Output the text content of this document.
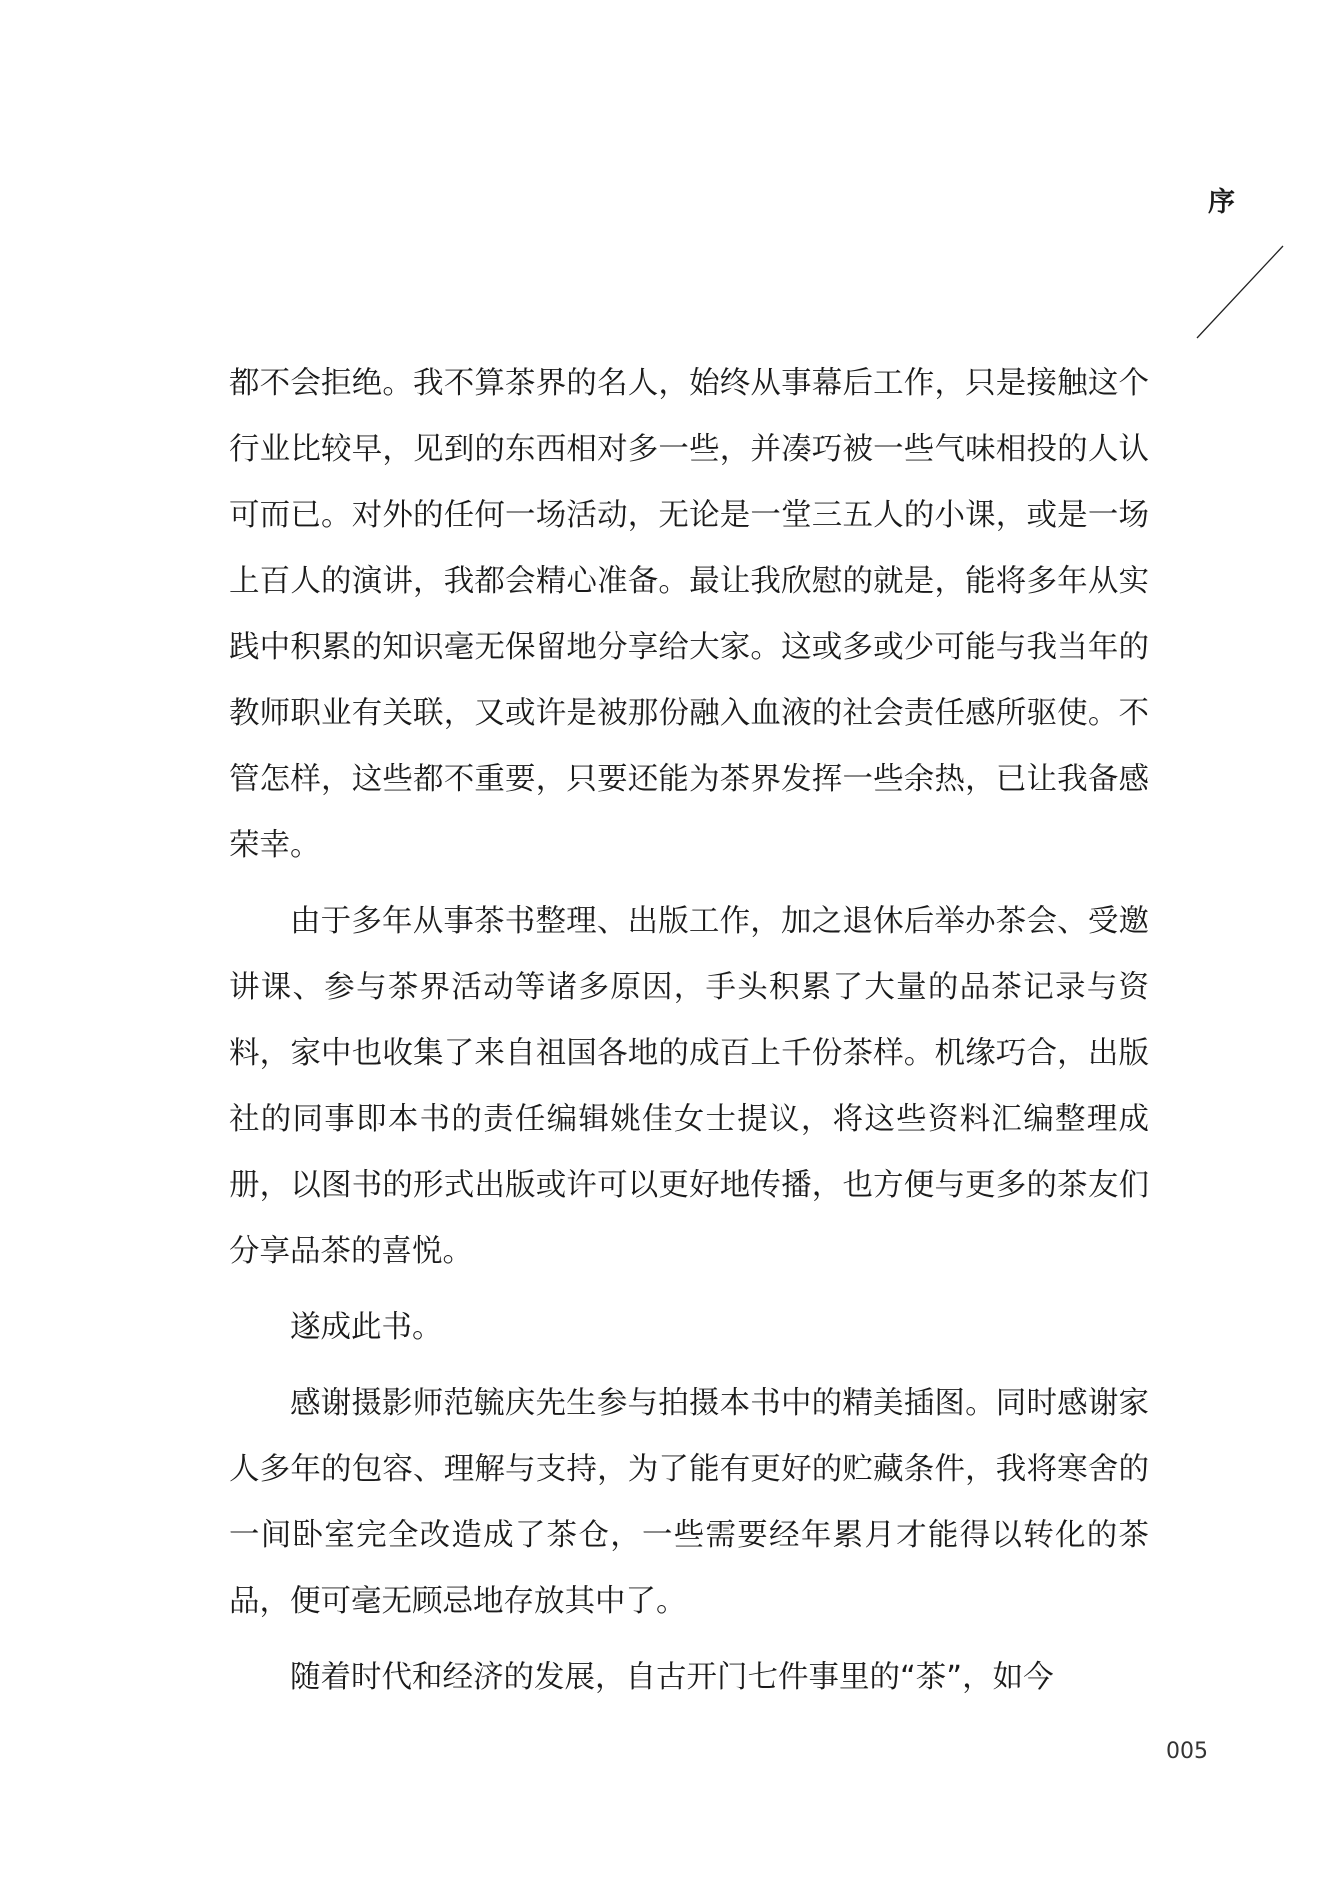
序

都不会拒绝。我不算茶界的名人，始终从事幕后工作，只是接触这个行业比较早，见到的东西相对多一些，并凑巧被一些气味相投的人认可而已。对外的任何一场活动，无论是一堂三五人的小课，或是一场上百人的演讲，我都会精心准备。最让我欣慰的就是，能将多年从实践中积累的知识毫无保留地分享给大家。这或多或少可能与我当年的教师职业有关联，又或许是被那份融入血液的社会责任感所驱使。不管怎样，这些都不重要，只要还能为茶界发挥一些余热，已让我备感荣幸。

由于多年从事茶书整理、出版工作，加之退休后举办茶会、受邀讲课、参与茶界活动等诸多原因，手头积累了大量的品茶记录与资料，家中也收集了来自祖国各地的成百上千份茶样。机缘巧合，出版社的同事即本书的责任编辑姚佳女士提议，将这些资料汇编整理成册，以图书的形式出版或许可以更好地传播，也方便与更多的茶友们分享品茶的喜悦。

遂成此书。

感谢摄影师范毓庆先生参与拍摄本书中的精美插图。同时感谢家人多年的包容、理解与支持，为了能有更好的贮藏条件，我将寒舍的一间卧室完全改造成了茶仓，一些需要经年累月才能得以转化的茶品，便可毫无顾忌地存放其中了。

随着时代和经济的发展，自古开门七件事里的“茶”，如今

005
